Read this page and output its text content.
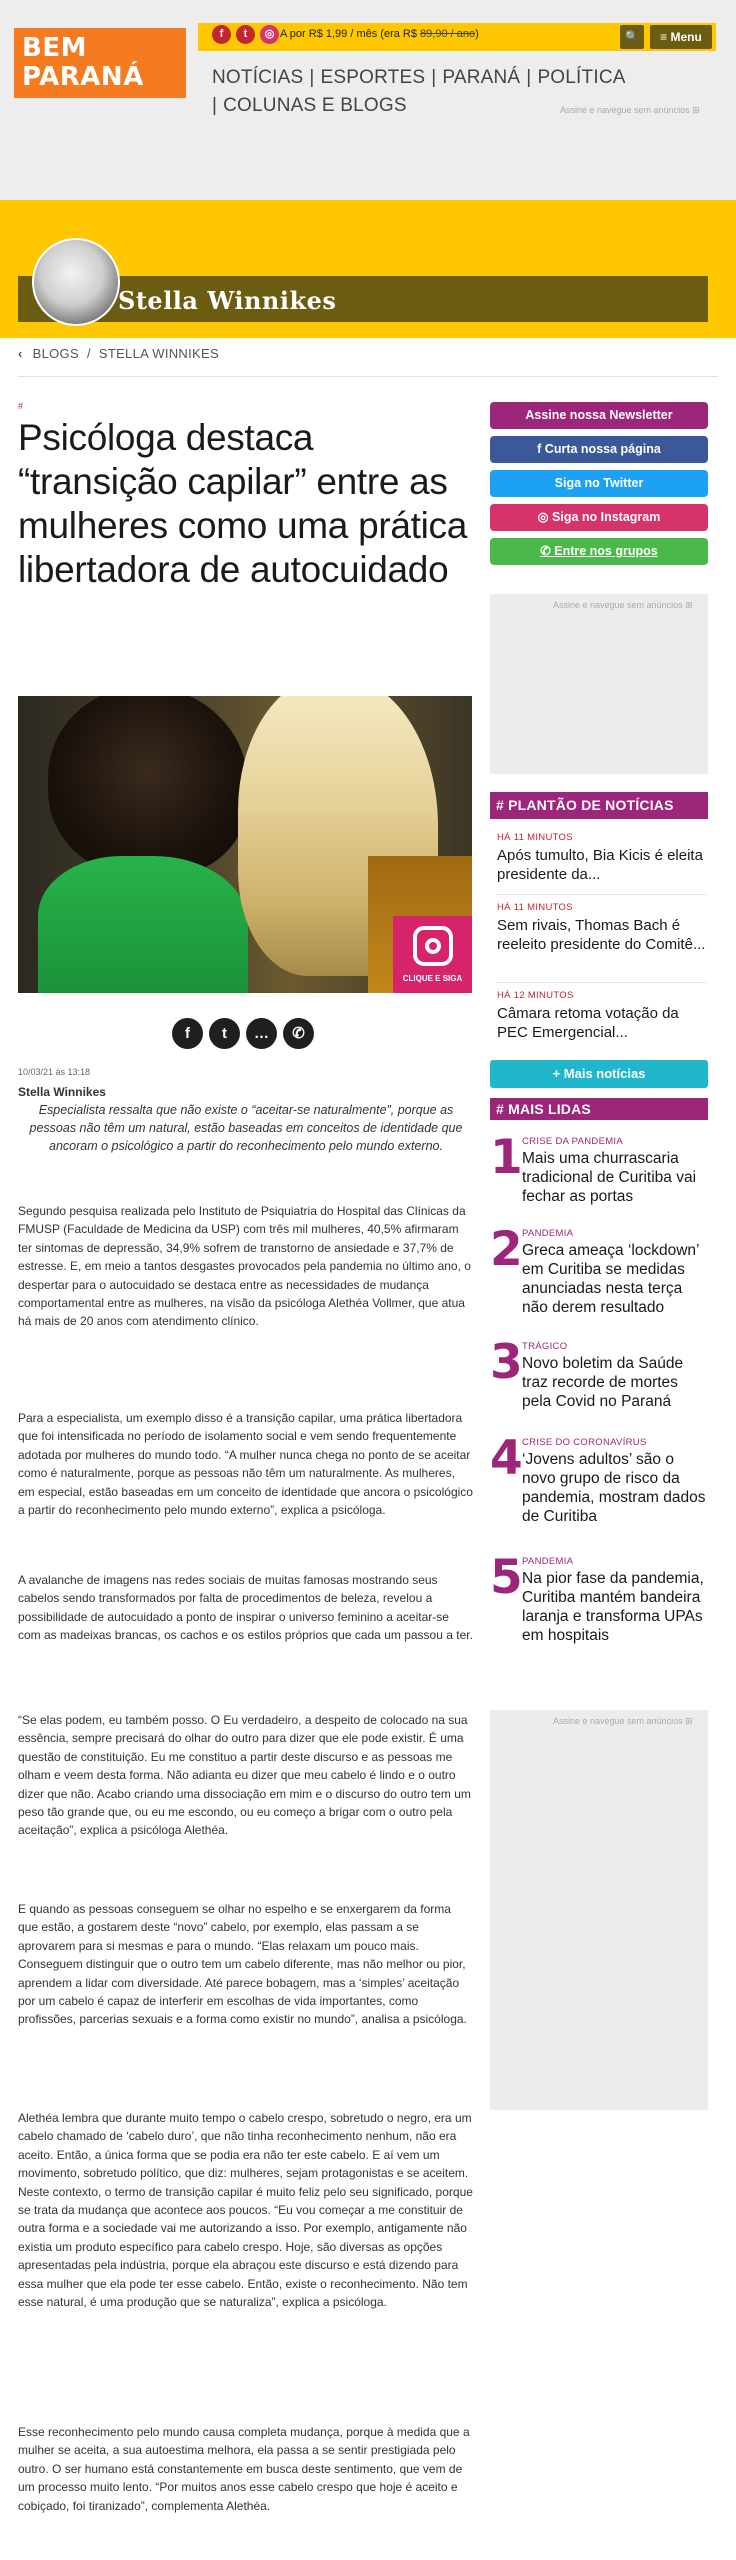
BEM
PARANÁ
f	t	◎ A por R$ 1,99 / mês (era R$ 89,90 / ano)	🔍	≡ Menu
NOTÍCIAS | ESPORTES | PARANÁ | POLÍTICA
| COLUNAS E BLOGS	Assine e navegue sem anúncios ⊞
Stella Winnikes
‹ BLOGS / STELLA WINNIKES
#
Psicóloga destaca “transição capilar” entre as mulheres como uma prática libertadora de autocuidado
CLIQUE E SIGA
f	t	…	✆
10/03/21 às 13:18
Stella Winnikes

Especialista ressalta que não existe o “aceitar-se naturalmente”, porque as pessoas não têm um natural, estão baseadas em conceitos de identidade que ancoram o psicológico a partir do reconhecimento pelo mundo externo.

Segundo pesquisa realizada pelo Instituto de Psiquiatria do Hospital das Clínicas da FMUSP (Faculdade de Medicina da USP) com três mil mulheres, 40,5% afirmaram ter sintomas de depressão, 34,9% sofrem de transtorno de ansiedade e 37,7% de estresse. E, em meio a tantos desgastes provocados pela pandemia no último ano, o despertar para o autocuidado se destaca entre as necessidades de mudança comportamental entre as mulheres, na visão da psicóloga Alethéa Vollmer, que atua há mais de 20 anos com atendimento clínico.

Para a especialista, um exemplo disso é a transição capilar, uma prática libertadora que foi intensificada no período de isolamento social e vem sendo frequentemente adotada por mulheres do mundo todo. “A mulher nunca chega no ponto de se aceitar como é naturalmente, porque as pessoas não têm um naturalmente. As mulheres, em especial, estão baseadas em um conceito de identidade que ancora o psicológico a partir do reconhecimento pelo mundo externo”, explica a psicóloga.

A avalanche de imagens nas redes sociais de muitas famosas mostrando seus cabelos sendo transformados por falta de procedimentos de beleza, revelou a possibilidade de autocuidado a ponto de inspirar o universo feminino a aceitar-se com as madeixas brancas, os cachos e os estilos próprios que cada um passou a ter.

“Se elas podem, eu também posso. O Eu verdadeiro, a despeito de colocado na sua essência, sempre precisará do olhar do outro para dizer que ele pode existir. É uma questão de constituição. Eu me constituo a partir deste discurso e as pessoas me olham e veem desta forma. Não adianta eu dizer que meu cabelo é lindo e o outro dizer que não. Acabo criando uma dissociação em mim e o discurso do outro tem um peso tão grande que, ou eu me escondo, ou eu começo a brigar com o outro pela aceitação”, explica a psicóloga Alethéa.

E quando as pessoas conseguem se olhar no espelho e se enxergarem da forma que estão, a gostarem deste “novo” cabelo, por exemplo, elas passam a se aprovarem para si mesmas e para o mundo. “Elas relaxam um pouco mais. Conseguem distinguir que o outro tem um cabelo diferente, mas não melhor ou pior, aprendem a lidar com diversidade. Até parece bobagem, mas a ‘simples’ aceitação por um cabelo é capaz de interferir em escolhas de vida importantes, como profissões, parcerias sexuais e a forma como existir no mundo”, analisa a psicóloga.

Alethéa lembra que durante muito tempo o cabelo crespo, sobretudo o negro, era um cabelo chamado de ‘cabelo duro’, que não tinha reconhecimento nenhum, não era aceito. Então, a única forma que se podia era não ter este cabelo. E aí vem um movimento, sobretudo político, que diz: mulheres, sejam protagonistas e se aceitem. Neste contexto, o termo de transição capilar é muito feliz pelo seu significado, porque se trata da mudança que acontece aos poucos. “Eu vou começar a me constituir de outra forma e a sociedade vai me autorizando a isso. Por exemplo, antigamente não existia um produto específico para cabelo crespo. Hoje, são diversas as opções apresentadas pela indústria, porque ela abraçou este discurso e está dizendo para essa mulher que ela pode ter esse cabelo. Então, existe o reconhecimento. Não tem esse natural, é uma produção que se naturaliza”, explica a psicóloga.

Esse reconhecimento pelo mundo causa completa mudança, porque à medida que a mulher se aceita, a sua autoestima melhora, ela passa a se sentir prestigiada pelo outro. O ser humano está constantemente em busca deste sentimento, que vem de um processo muito lento. “Por muitos anos esse cabelo crespo que hoje é aceito e cobiçado, foi tiranizado”, complementa Alethéa.

Assine nossa Newsletter
f Curta nossa página
Siga no Twitter
◎ Siga no Instagram
✆ Entre nos grupos
Assine e navegue sem anúncios ⊞
# PLANTÃO DE NOTÍCIAS
HÁ 11 MINUTOS
Após tumulto, Bia Kicis é eleita presidente da...
HÁ 11 MINUTOS
Sem rivais, Thomas Bach é reeleito presidente do Comitê...
HÁ 12 MINUTOS
Câmara retoma votação da PEC Emergencial...
+ Mais notícias
# MAIS LIDAS
1 CRISE DA PANDEMIA
Mais uma churrascaria tradicional de Curitiba vai fechar as portas
2 PANDEMIA
Greca ameaça ‘lockdown’ em Curitiba se medidas anunciadas nesta terça não derem resultado
3 TRÁGICO
Novo boletim da Saúde traz recorde de mortes pela Covid no Paraná
4 CRISE DO CORONAVÍRUS
‘Jovens adultos’ são o novo grupo de risco da pandemia, mostram dados de Curitiba
5 PANDEMIA
Na pior fase da pandemia, Curitiba mantém bandeira laranja e transforma UPAs em hospitais
Assine e navegue sem anúncios ⊞
